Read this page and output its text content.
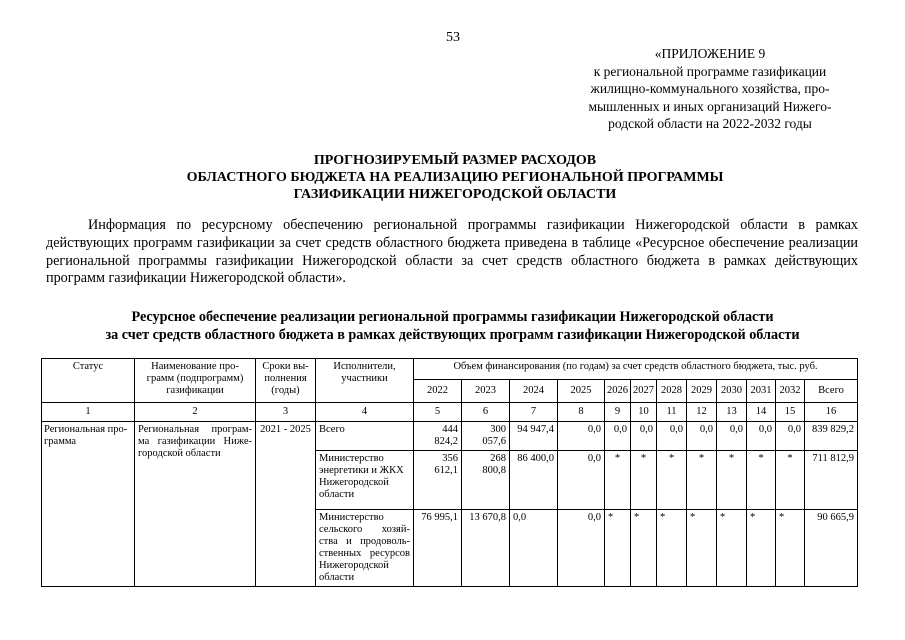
53
«ПРИЛОЖЕНИЕ 9
к региональной программе газификации
жилищно-коммунального хозяйства, про-
мышленных и иных организаций Нижего-
родской области на 2022-2032 годы
ПРОГНОЗИРУЕМЫЙ РАЗМЕР РАСХОДОВ
ОБЛАСТНОГО БЮДЖЕТА НА РЕАЛИЗАЦИЮ РЕГИОНАЛЬНОЙ ПРОГРАММЫ
ГАЗИФИКАЦИИ НИЖЕГОРОДСКОЙ ОБЛАСТИ
Информация по ресурсному обеспечению региональной программы газификации Нижегородской области в рамках действующих программ газификации за счет средств областного бюджета приведена в таблице «Ресурсное обеспечение реализации региональной программы газификации Нижегородской области за счет средств областного бюджета в рамках действующих программ газификации Нижегородской области».
Ресурсное обеспечение реализации региональной программы газификации Нижегородской области
за счет средств областного бюджета в рамках действующих программ газификации Нижегородской области
Статус	Наименование про-грамм (подпрограмм) газификации	Сроки вы-полнения (годы)	Исполнители, участники	Объем финансирования (по годам) за счет средств областного бюджета, тыс. руб.											
				2022	2023	2024	2025	2026	2027	2028	2029	2030	2031	2032	Всего
1	2	3	4	5	6	7	8	9	10	11	12	13	14	15	16
Региональная про-грамма	Региональная програм-ма газификации Ниже-городской области	2021 - 2025	Всего	444 824,2	300 057,6	94 947,4	0,0	0,0	0,0	0,0	0,0	0,0	0,0	0,0	839 829,2
			Министерство энергетики и ЖКХ Нижегородской области	356 612,1	268 800,8	86 400,0	0,0	*	*	*	*	*	*	*	711 812,9
			Министерство сельского хозяй-ства и продоволь-ственных ресурсов Нижегородской области	76 995,1	13 670,8	0,0	0,0	*	*	*	*	*	*	*	90 665,9
